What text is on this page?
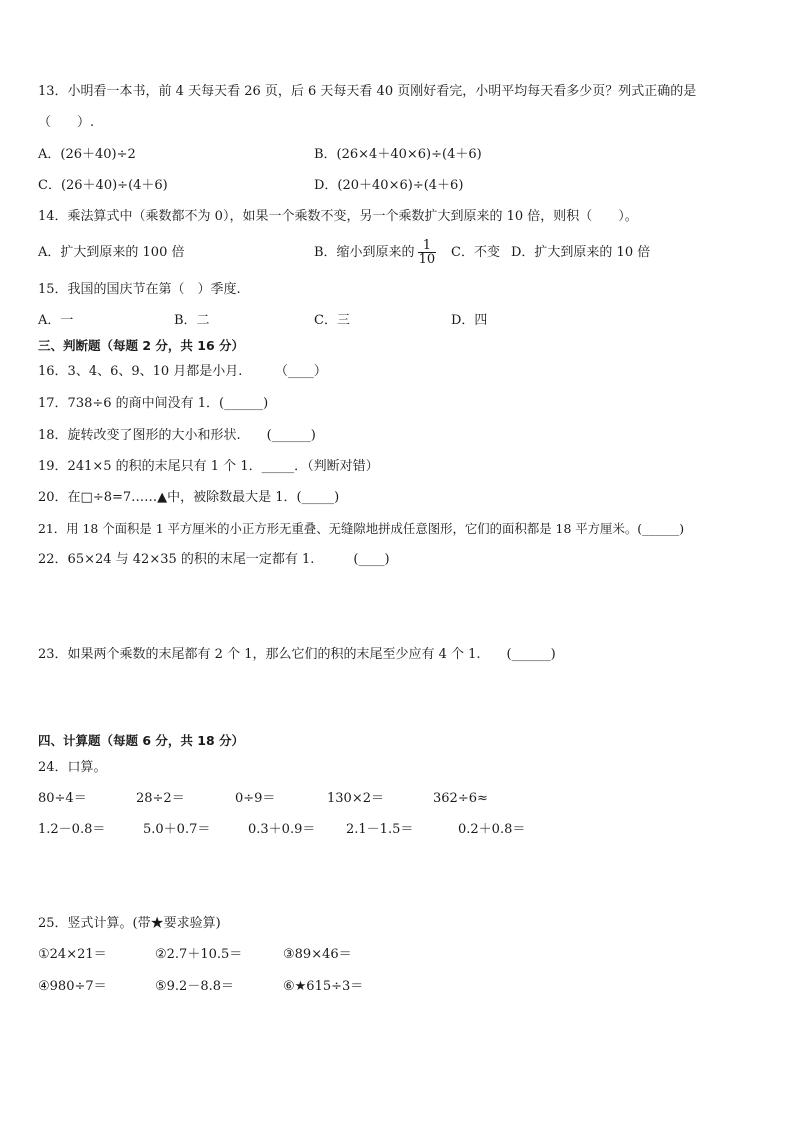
13．小明看一本书，前 4 天每天看 26 页，后 6 天每天看 40 页刚好看完，小明平均每天看多少页？列式正确的是
（　　）.
A．(26＋40)÷2	B．(26×4＋40×6)÷(4＋6)
C．(26＋40)÷(4＋6)	D．(20＋40×6)÷(4＋6)
14．乘法算式中（乘数都不为 0），如果一个乘数不变，另一个乘数扩大到原来的 10 倍，则积（　　）。
A．扩大到原来的 100 倍	B．缩小到原来的 $\frac{1}{10}$ C．不变 D．扩大到原来的 10 倍
15．我国的国庆节在第（　）季度.
A．一	B．二	C．三	D．四
三、判断题（每题 2 分，共 16 分）
16．3、4、6、9、10 月都是小月.　　　（____）
17．738÷6 的商中间没有 1．(______)
18．旋转改变了图形的大小和形状.　　(______)
19．241×5 的积的末尾只有 1 个 1．_____．（判断对错）
20．在□÷8=7……▲中，被除数最大是 1．(_____)
21．用 18 个面积是 1 平方厘米的小正方形无重叠、无缝隙地拼成任意图形，它们的面积都是 18 平方厘米。(______)
22．65×24 与 42×35 的积的末尾一定都有 1.　　　(____)
23．如果两个乘数的末尾都有 2 个 1，那么它们的积的末尾至少应有 4 个 1.　　(______)
四、计算题（每题 6 分，共 18 分）
24．口算。
80÷4＝	28÷2＝	0÷9＝	130×2＝	362÷6≈
1.2－0.8＝	5.0＋0.7＝	0.3＋0.9＝ 2.1－1.5＝	0.2＋0.8＝
25．竖式计算。(带★要求验算)
①24×21＝	②2.7＋10.5＝	③89×46＝
④980÷7＝	⑤9.2－8.8＝	⑥★615÷3＝
